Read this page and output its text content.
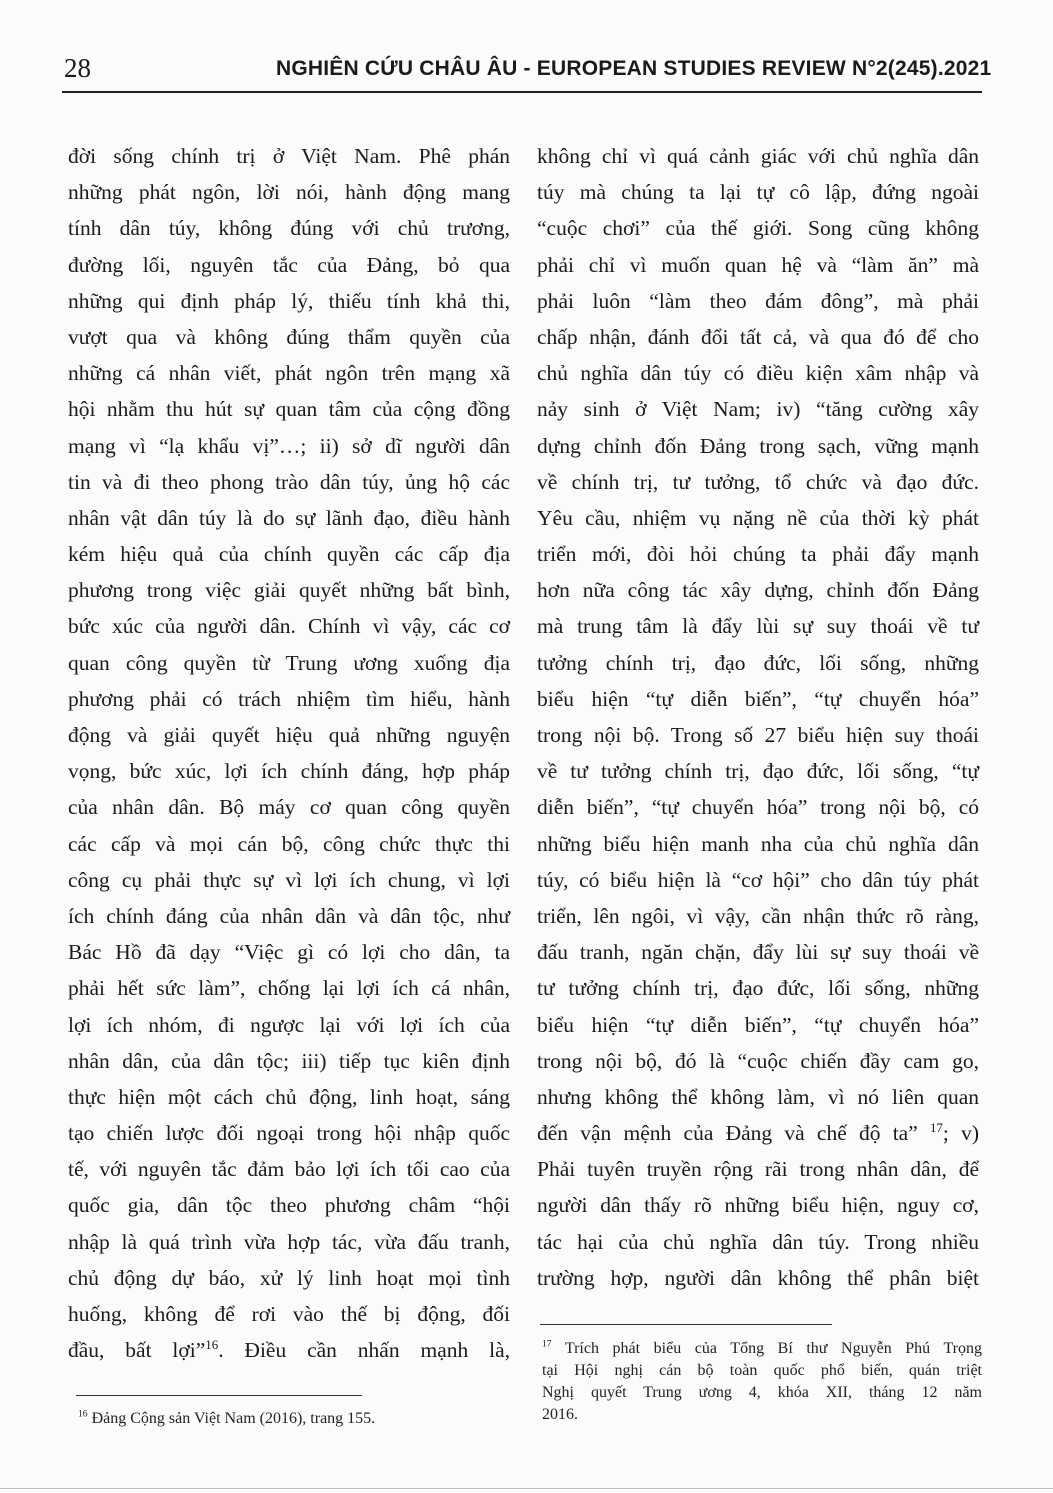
28	NGHIÊN CỨU CHÂU ÂU - EUROPEAN STUDIES REVIEW N°2(245).2021
đời sống chính trị ở Việt Nam. Phê phán
những phát ngôn, lời nói, hành động mang
tính dân túy, không đúng với chủ trương,
đường lối, nguyên tắc của Đảng, bỏ qua
những qui định pháp lý, thiếu tính khả thi,
vượt qua và không đúng thẩm quyền của
những cá nhân viết, phát ngôn trên mạng xã
hội nhằm thu hút sự quan tâm của cộng đồng
mạng vì “lạ khẩu vị”…; ii) sở dĩ người dân
tin và đi theo phong trào dân túy, ủng hộ các
nhân vật dân túy là do sự lãnh đạo, điều hành
kém hiệu quả của chính quyền các cấp địa
phương trong việc giải quyết những bất bình,
bức xúc của người dân. Chính vì vậy, các cơ
quan công quyền từ Trung ương xuống địa
phương phải có trách nhiệm tìm hiểu, hành
động và giải quyết hiệu quả những nguyện
vọng, bức xúc, lợi ích chính đáng, hợp pháp
của nhân dân. Bộ máy cơ quan công quyền
các cấp và mọi cán bộ, công chức thực thi
công cụ phải thực sự vì lợi ích chung, vì lợi
ích chính đáng của nhân dân và dân tộc, như
Bác Hồ đã dạy “Việc gì có lợi cho dân, ta
phải hết sức làm”, chống lại lợi ích cá nhân,
lợi ích nhóm, đi ngược lại với lợi ích của
nhân dân, của dân tộc; iii) tiếp tục kiên định
thực hiện một cách chủ động, linh hoạt, sáng
tạo chiến lược đối ngoại trong hội nhập quốc
tế, với nguyên tắc đảm bảo lợi ích tối cao của
quốc gia, dân tộc theo phương châm “hội
nhập là quá trình vừa hợp tác, vừa đấu tranh,
chủ động dự báo, xử lý linh hoạt mọi tình
huống, không để rơi vào thế bị động, đối
đầu, bất lợi”$^{16}$. Điều cần nhấn mạnh là,
không chỉ vì quá cảnh giác với chủ nghĩa dân
túy mà chúng ta lại tự cô lập, đứng ngoài
“cuộc chơi” của thế giới. Song cũng không
phải chỉ vì muốn quan hệ và “làm ăn” mà
phải luôn “làm theo đám đông”, mà phải
chấp nhận, đánh đổi tất cả, và qua đó để cho
chủ nghĩa dân túy có điều kiện xâm nhập và
nảy sinh ở Việt Nam; iv) “tăng cường xây
dựng chỉnh đốn Đảng trong sạch, vững mạnh
về chính trị, tư tưởng, tổ chức và đạo đức.
Yêu cầu, nhiệm vụ nặng nề của thời kỳ phát
triển mới, đòi hỏi chúng ta phải đẩy mạnh
hơn nữa công tác xây dựng, chỉnh đốn Đảng
mà trung tâm là đẩy lùi sự suy thoái về tư
tưởng chính trị, đạo đức, lối sống, những
biểu hiện “tự diễn biến”, “tự chuyển hóa”
trong nội bộ. Trong số 27 biểu hiện suy thoái
về tư tưởng chính trị, đạo đức, lối sống, “tự
diễn biến”, “tự chuyển hóa” trong nội bộ, có
những biểu hiện manh nha của chủ nghĩa dân
túy, có biểu hiện là “cơ hội” cho dân túy phát
triển, lên ngôi, vì vậy, cần nhận thức rõ ràng,
đấu tranh, ngăn chặn, đẩy lùi sự suy thoái về
tư tưởng chính trị, đạo đức, lối sống, những
biểu hiện “tự diễn biến”, “tự chuyển hóa”
trong nội bộ, đó là “cuộc chiến đầy cam go,
nhưng không thể không làm, vì nó liên quan
đến vận mệnh của Đảng và chế độ ta” $^{17}$; v)
Phải tuyên truyền rộng rãi trong nhân dân, để
người dân thấy rõ những biểu hiện, nguy cơ,
tác hại của chủ nghĩa dân túy. Trong nhiều
trường hợp, người dân không thể phân biệt
$^{17}$ Trích phát biểu của Tổng Bí thư Nguyễn Phú Trọng
tại Hội nghị cán bộ toàn quốc phổ biến, quán triệt
Nghị quyết Trung ương 4, khóa XII, tháng 12 năm
2016.
$^{16}$ Đảng Cộng sản Việt Nam (2016), trang 155.
